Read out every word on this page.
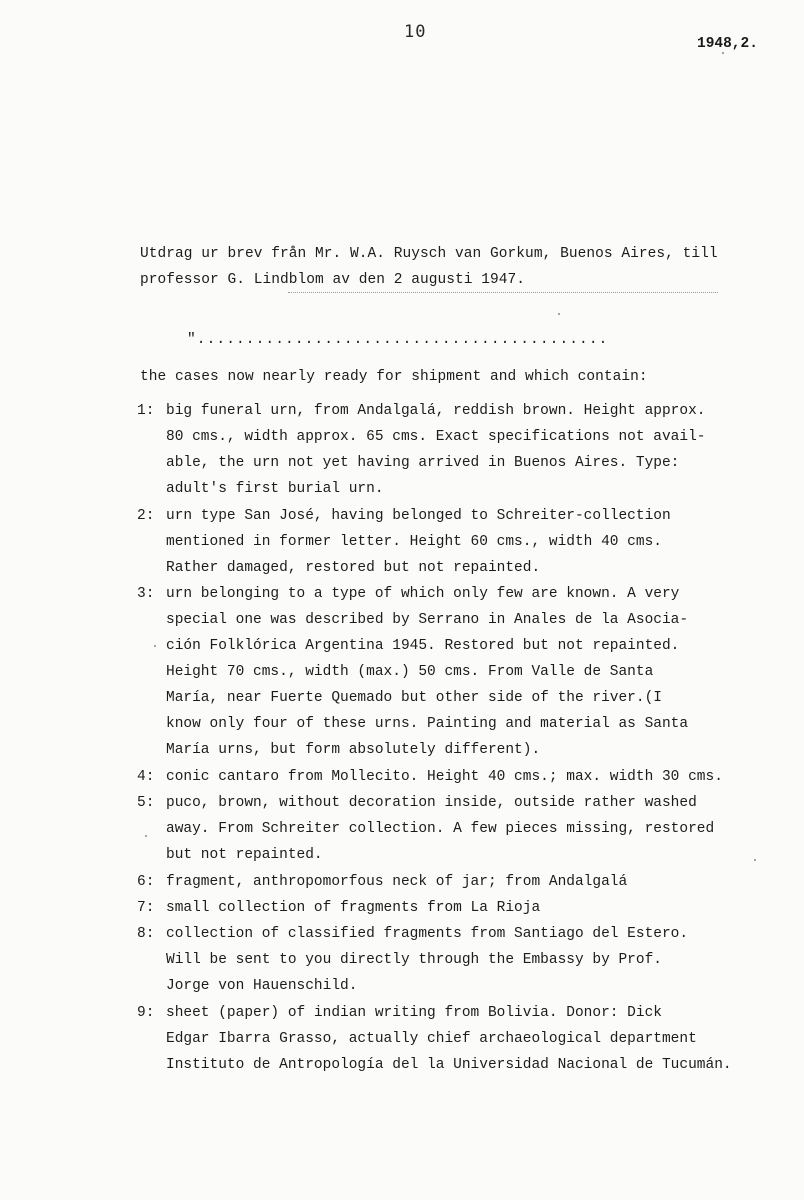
10
1948,2.
Utdrag ur brev från Mr. W.A. Ruysch van Gorkum, Buenos Aires, till
professor G. Lindblom av den 2 augusti 1947.
"..........................................
the cases now nearly ready for shipment and which contain:
1: big funeral urn, from Andalgalá, reddish brown. Height approx.
80 cms., width approx. 65 cms. Exact specifications not avail-
able, the urn not yet having arrived in Buenos Aires. Type:
adult's first burial urn.
2: urn type San José, having belonged to Schreiter-collection
mentioned in former letter. Height 60 cms., width 40 cms.
Rather damaged, restored but not repainted.
3: urn belonging to a type of which only few are known. A very
special one was described by Serrano in Anales de la Asocia-
ción Folklórica Argentina 1945. Restored but not repainted.
Height 70 cms., width (max.) 50 cms. From Valle de Santa
María, near Fuerte Quemado but other side of the river.(I
know only four of these urns. Painting and material as Santa
María urns, but form absolutely different).
4: conic cantaro from Mollecito. Height 40 cms.; max. width 30 cms.
5: puco, brown, without decoration inside, outside rather washed
away. From Schreiter collection. A few pieces missing, restored
but not repainted.
6: fragment, anthropomorfous neck of jar; from Andalgalá
7: small collection of fragments from La Rioja
8: collection of classified fragments from Santiago del Estero.
Will be sent to you directly through the Embassy by Prof.
Jorge von Hauenschild.
9: sheet (paper) of indian writing from Bolivia. Donor: Dick
Edgar Ibarra Grasso, actually chief archaeological department
Instituto de Antropología del la Universidad Nacional de Tucumán.
